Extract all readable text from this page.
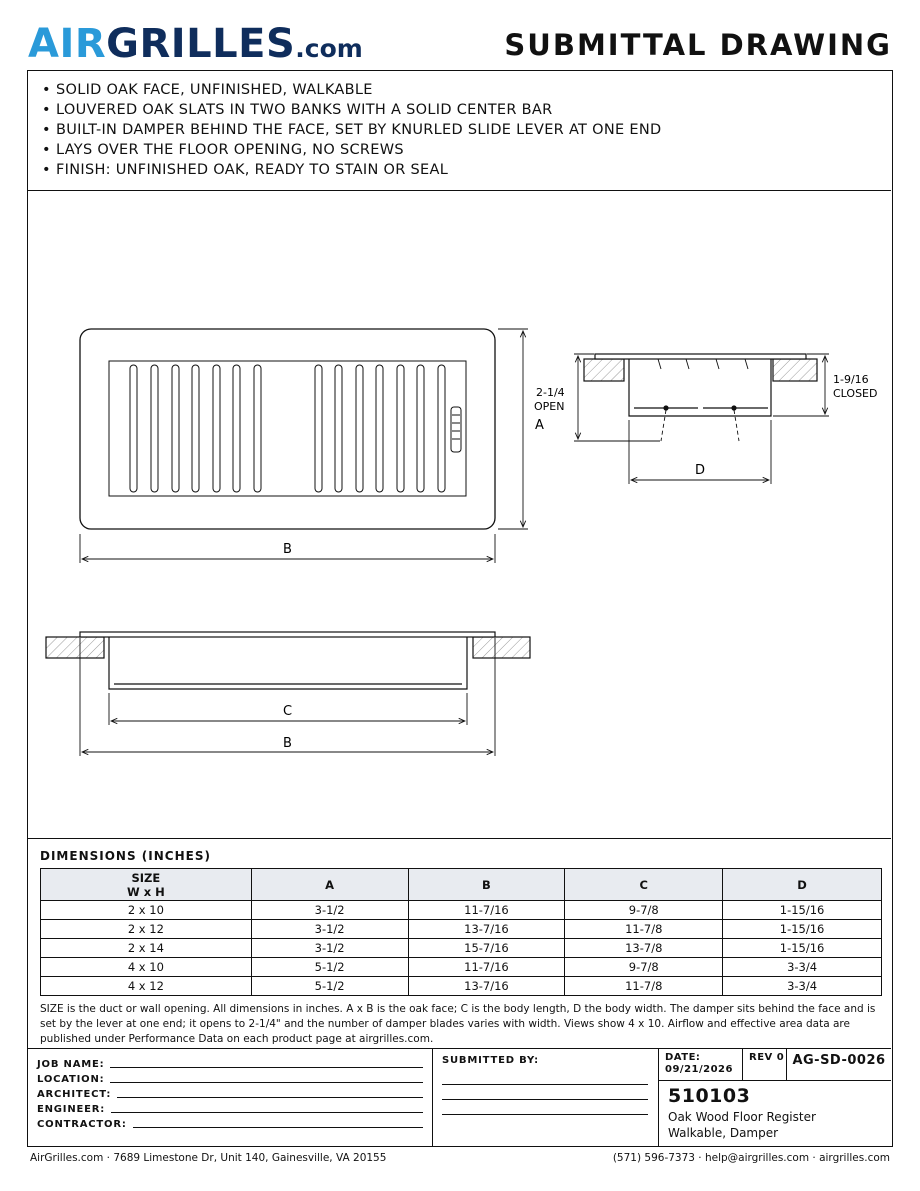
AIRGRILLES.com	SUBMITTAL DRAWING
• SOLID OAK FACE, UNFINISHED, WALKABLE
• LOUVERED OAK SLATS IN TWO BANKS WITH A SOLID CENTER BAR
• BUILT-IN DAMPER BEHIND THE FACE, SET BY KNURLED SLIDE LEVER AT ONE END
• LAYS OVER THE FLOOR OPENING, NO SCREWS
• FINISH: UNFINISHED OAK, READY TO STAIN OR SEAL
A
B
2-1/4
OPEN
1-9/16
CLOSED
D
C
B
DIMENSIONS (INCHES)
SIZE
W x H	A	B	C	D
2 x 10	3-1/2	11-7/16	9-7/8	1-15/16
2 x 12	3-1/2	13-7/16	11-7/8	1-15/16
2 x 14	3-1/2	15-7/16	13-7/8	1-15/16
4 x 10	5-1/2	11-7/16	9-7/8	3-3/4
4 x 12	5-1/2	13-7/16	11-7/8	3-3/4
SIZE is the duct or wall opening. All dimensions in inches. A x B is the oak face; C is the body length, D the body width. The damper sits behind the face and is set by the lever at one end; it opens to 2-1/4" and the number of damper blades varies with width. Views show 4 x 10. Airflow and effective area data are published under Performance Data on each product page at airgrilles.com.
JOB NAME:
LOCATION:
ARCHITECT:
ENGINEER:
CONTRACTOR:
SUBMITTED BY:	DATE:
09/21/2026
REV 0 AG-SD-0026
510103
Oak Wood Floor Register
Walkable, Damper
AirGrilles.com · 7689 Limestone Dr, Unit 140, Gainesville, VA 20155	(571) 596-7373 · help@airgrilles.com · airgrilles.com
